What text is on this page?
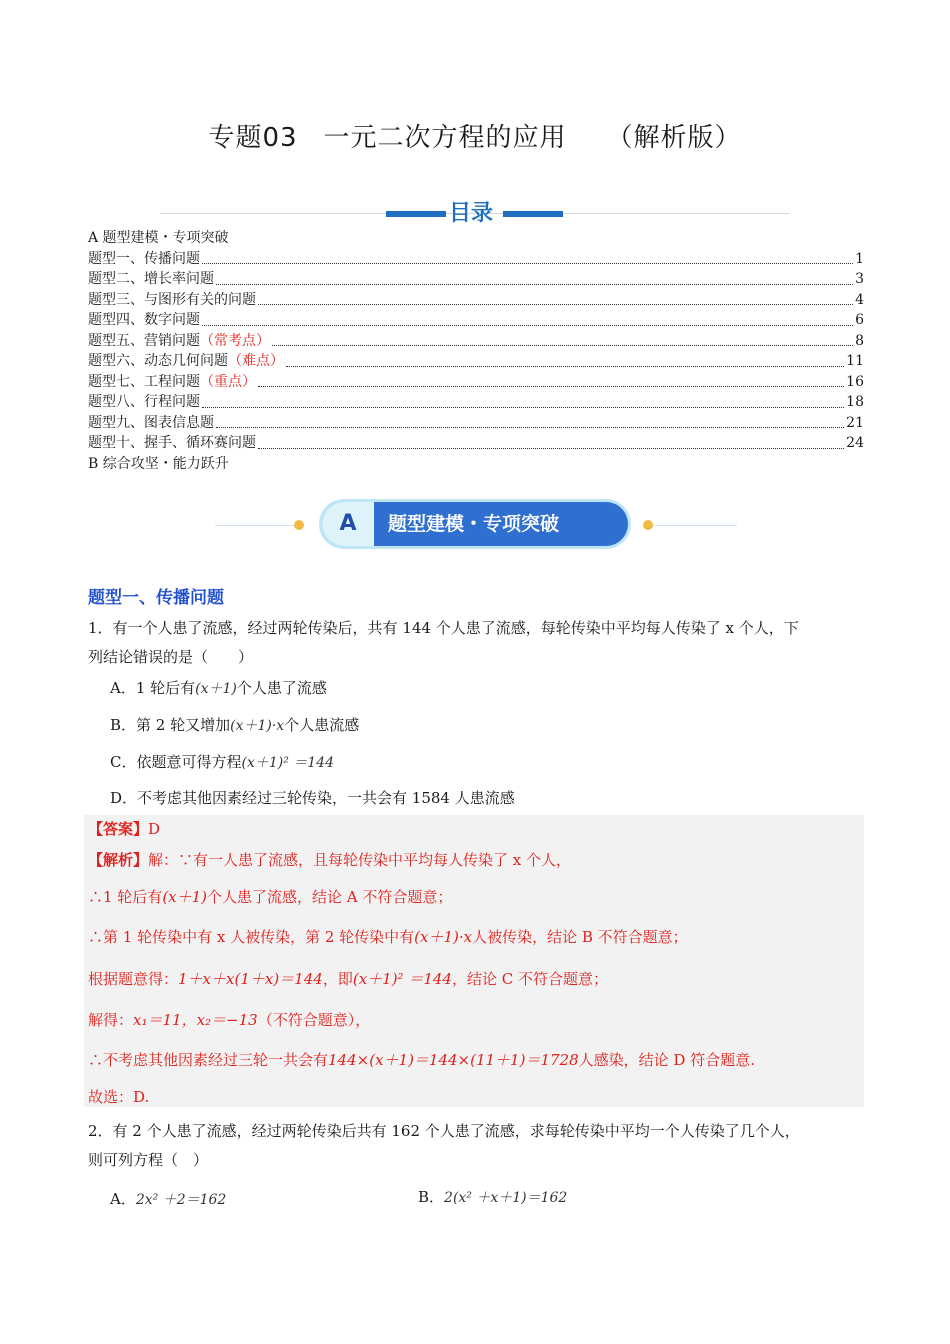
专题03 一元二次方程的应用 （解析版）
目录
A 题型建模・专项突破
题型一、传播问题	1
题型二、增长率问题	3
题型三、与图形有关的问题	4
题型四、数字问题	6
题型五、营销问题 （常考点）	8
题型六、动态几何问题 （难点）	11
题型七、工程问题 （重点）	16
题型八、行程问题	18
题型九、图表信息题	21
题型十、握手、循环赛问题	24
B 综合攻坚・能力跃升
A	题型建模・专项突破
题型一、传播问题
1．有一个人患了流感，经过两轮传染后，共有 144 个人患了流感，每轮传染中平均每人传染了 x 个人，下
列结论错误的是（　　）
A．1 轮后有(x＋1)个人患了流感
B．第 2 轮又增加(x＋1)·x个人患流感
C．依题意可得方程(x＋1)² ＝144
D．不考虑其他因素经过三轮传染，一共会有 1584 人患流感
【答案】D
【解析】解：∵有一人患了流感，且每轮传染中平均每人传染了 x 个人，
∴1 轮后有(x＋1)个人患了流感，结论 A 不符合题意；
∴第 1 轮传染中有 x 人被传染，第 2 轮传染中有(x＋1)·x人被传染，结论 B 不符合题意；
根据题意得：1＋x＋x(1＋x)＝144，即(x＋1)² ＝144，结论 C 不符合题意；
解得：x₁＝11，x₂＝−13（不符合题意），
∴不考虑其他因素经过三轮一共会有144×(x＋1)＝144×(11＋1)＝1728人感染，结论 D 符合题意.
故选：D.
2．有 2 个人患了流感，经过两轮传染后共有 162 个人患了流感，求每轮传染中平均一个人传染了几个人，
则可列方程（　）
A．2x² ＋2＝162	B．2(x² ＋x＋1)＝162
